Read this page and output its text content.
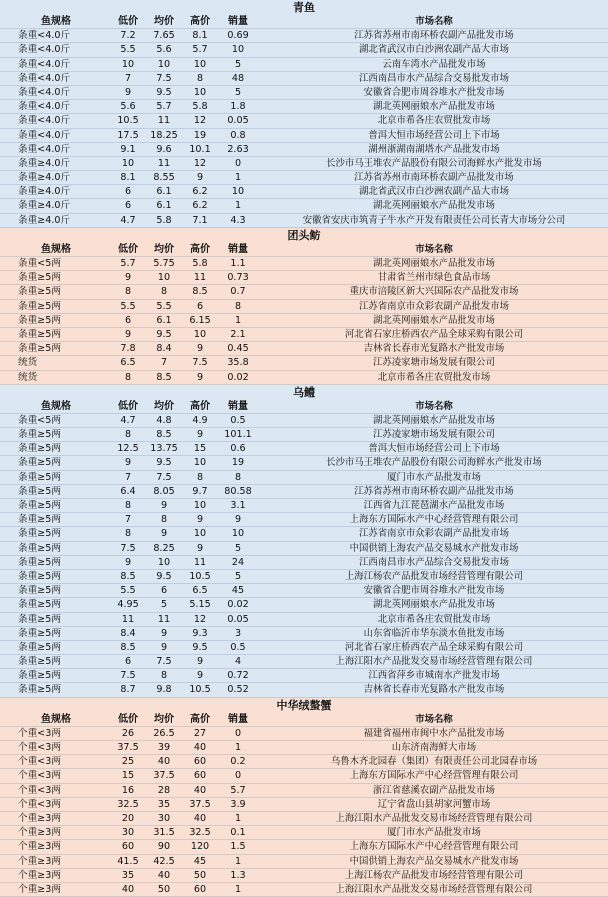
青鱼
鱼规格	低价	均价	高价	销量	市场名称
条重<4.0斤	7.2	7.65	8.1	0.69	江苏省苏州市南环桥农副产品批发市场
条重<4.0斤	5.5	5.6	5.7	10	湖北省武汉市白沙洲农副产品大市场
条重<4.0斤	10	10	10	5	云南车湾水产品批发市场
条重<4.0斤	7	7.5	8	48	江西南昌市水产品综合交易批发市场
条重<4.0斤	9	9.5	10	5	安徽省合肥市周谷堆水产批发市场
条重<4.0斤	5.6	5.7	5.8	1.8	湖北英网丽娘水产品批发市场
条重<4.0斤	10.5	11	12	0.05	北京市希各庄农贸批发市场
条重<4.0斤	17.5	18.25	19	0.8	普洱大恒市场经营公司上下市场
条重<4.0斤	9.1	9.6	10.1	2.63	湖州浙湖南湖塔水产品批发市场
条重≥4.0斤	10	11	12	0	长沙市马王堆农产品股份有限公司海鲜水产批发市场
条重≥4.0斤	8.1	8.55	9	1	江苏省苏州市南环桥农副产品批发市场
条重≥4.0斤	6	6.1	6.2	10	湖北省武汉市白沙洲农副产品大市场
条重≥4.0斤	6	6.1	6.2	1	湖北英网丽娘水产品批发市场
条重≥4.0斤	4.7	5.8	7.1	4.3	安徽省安庆市筑青子牛水产开发有限责任公司长青大市场分公司
团头鲂
鱼规格	低价	均价	高价	销量	市场名称
条重<5两	5.7	5.75	5.8	1.1	湖北英网丽娘水产品批发市场
条重≥5两	9	10	11	0.73	甘肃省兰州市绿色食品市场
条重≥5两	8	8	8.5	0.7	重庆市涪陵区新大兴国际农产品批发市场
条重≥5两	5.5	5.5	6	8	江苏省南京市众彩农副产品批发市场
条重≥5两	6	6.1	6.15	1	湖北英网丽娘水产品批发市场
条重≥5两	9	9.5	10	2.1	河北省石家庄桥西农产品全球采购有限公司
条重≥5两	7.8	8.4	9	0.45	吉林省长春市光复路水产批发市场
统货	6.5	7	7.5	35.8	江苏凌家塘市场发展有限公司
统货	8	8.5	9	0.02	北京市希各庄农贸批发市场
乌鳢
鱼规格	低价	均价	高价	销量	市场名称
条重<5两	4.7	4.8	4.9	0.5	湖北英网丽娘水产品批发市场
条重≥5两	8	8.5	9	101.1	江苏凌家塘市场发展有限公司
条重≥5两	12.5	13.75	15	0.6	普洱大恒市场经营公司上下市场
条重≥5两	9	9.5	10	19	长沙市马王堆农产品股份有限公司海鲜水产批发市场
条重≥5两	7	7.5	8	8	厦门市水产品批发市场
条重≥5两	6.4	8.05	9.7	80.58	江苏省苏州市南环桥农副产品批发市场
条重≥5两	8	9	10	3.1	江西省九江琵琶湖水产品批发市场
条重≥5两	7	8	9	9	上海东方国际水产中心经营管理有限公司
条重≥5两	8	9	10	10	江苏省南京市众彩农副产品批发市场
条重≥5两	7.5	8.25	9	5	中国供销上海农产品交易城水产批发市场
条重≥5两	9	10	11	24	江西南昌市水产品综合交易批发市场
条重≥5两	8.5	9.5	10.5	5	上海江杨农产品批发市场经营管理有限公司
条重≥5两	5.5	6	6.5	45	安徽省合肥市周谷堆水产批发市场
条重≥5两	4.95	5	5.15	0.02	湖北英网丽娘水产品批发市场
条重≥5两	11	11	12	0.05	北京市希各庄农贸批发市场
条重≥5两	8.4	9	9.3	3	山东省临沂市华东淡水鱼批发市场
条重≥5两	8.5	9	9.5	0.5	河北省石家庄桥西农产品全球采购有限公司
条重≥5两	6	7.5	9	4	上海江阳水产品批发交易市场经营管理有限公司
条重≥5两	7.5	8	9	0.72	江西省萍乡市城南水产批发市场
条重≥5两	8.7	9.8	10.5	0.52	吉林省长春市光复路水产批发市场
中华绒螯蟹
鱼规格	低价	均价	高价	销量	市场名称
个重<3两	26	26.5	27	0	福建省福州市闽中水产品批发市场
个重<3两	37.5	39	40	1	山东济南海鲜大市场
个重<3两	25	40	60	0.2	乌鲁木齐北园春（集团）有限责任公司北园春市场
个重<3两	15	37.5	60	0	上海东方国际水产中心经营管理有限公司
个重<3两	16	28	40	5.7	浙江省慈溪农副产品批发市场
个重<3两	32.5	35	37.5	3.9	辽宁省盘山县胡家河蟹市场
个重≥3两	20	30	40	1	上海江阳水产品批发交易市场经营管理有限公司
个重≥3两	30	31.5	32.5	0.1	厦门市水产品批发市场
个重≥3两	60	90	120	1.5	上海东方国际水产中心经营管理有限公司
个重≥3两	41.5	42.5	45	1	中国供销上海农产品交易城水产批发市场
个重≥3两	35	40	50	1.3	上海江杨农产品批发市场经营管理有限公司
个重≥3两	40	50	60	1	上海江阳水产品批发交易市场经营管理有限公司
